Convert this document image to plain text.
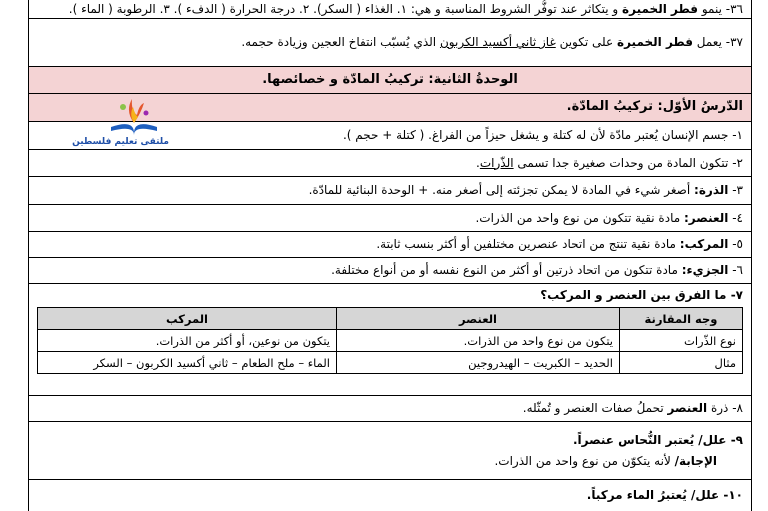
٣٦- ينمو فطر الخميرة و يتكاثر عند توفُّر الشروط المناسبة و هي: ١. الغذاء ( السكر). ٢. درجة الحرارة ( الدفء ). ٣. الرطوبة ( الماء ).
٣٧- يعمل فطر الخميرة على تكوين غاز ثاني أكسيد الكربون الذي يُسبّب انتفاخ العجين وزيادة حجمه.
الوحدةُ الثانية: تركيبُ المادّة و خصائصها.
الدّرسُ الأوّل: تركيبُ المادّة.
١- جسم الإنسان يُعتبر مادّة لأن له كتلة و يشغل حيزاً من الفراغ. ( كتلة + حجم ).
٢- تتكون المادة من وحدات صغيرة جدا تسمى الذّرات.
٣- الذرة: أصغر شيء في المادة لا يمكن تجزئته إلى أصغر منه. + الوحدة البنائية للمادّة.
٤- العنصر: مادة نقية تتكون من نوع واحد من الذرات.
٥- المركب: مادة نقية تنتج من اتحاد عنصرين مختلفين أو أكثر بنسب ثابتة.
٦- الجزيء: مادة تتكون من اتحاد ذرتين أو أكثر من النوع نفسه أو من أنواع مختلفة.
٧- ما الفرق بين العنصر و المركب؟
وجه المقارنة	العنصر	المركب
نوع الذّرات	يتكون من نوع واحد من الذرات.	يتكون من نوعين، أو أكثر من الذرات.
مثال	الحديد – الكبريت – الهيدروجين	الماء – ملح الطعام – ثاني أكسيد الكربون – السكر
٨- ذرة العنصر تحملُ صفات العنصر و تُمثّله.
٩- علل/ يُعتبر النُّحاس عنصراً.
الإجابة/ لأنه يتكوّن من نوع واحد من الذرات.
١٠- علل/ يُعتبرُ الماء مركباً.
ملتقى تعليم فلسطين
